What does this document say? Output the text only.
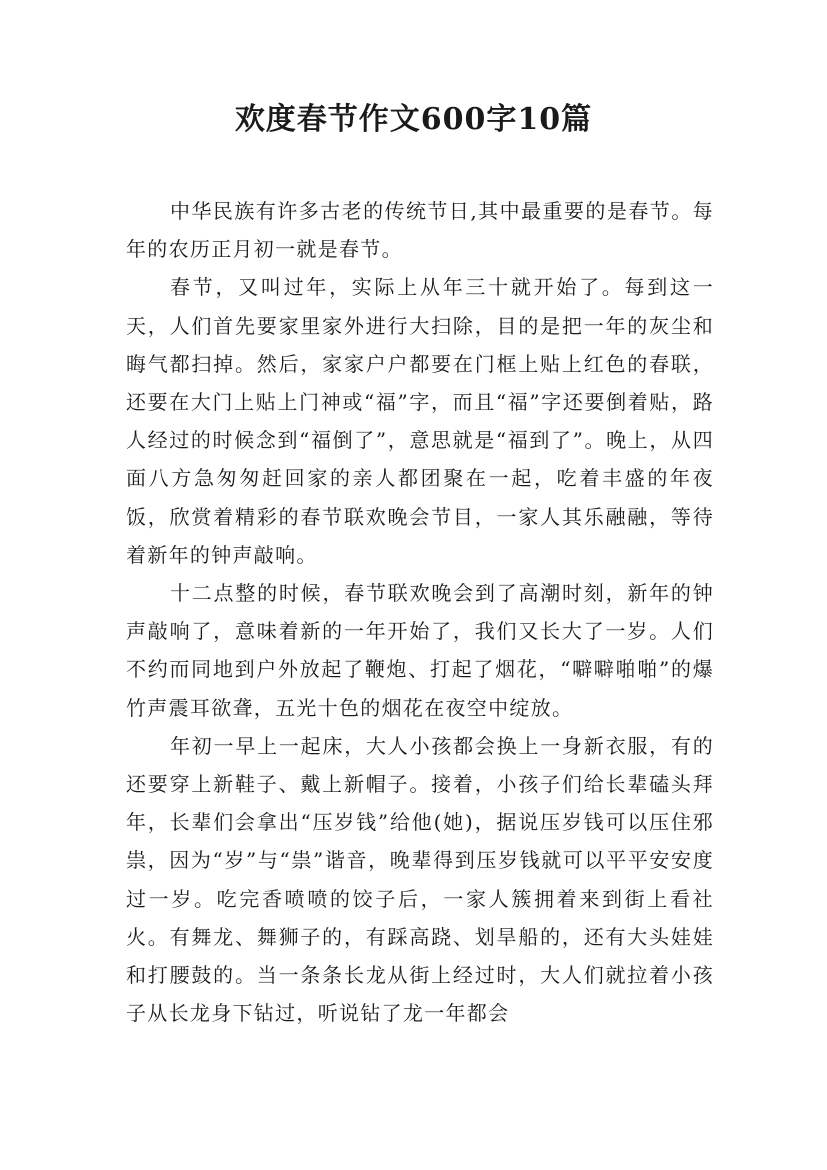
欢度春节作文600字10篇

中华民族有许多古老的传统节日,其中最重要的是春节。每年的农历正月初一就是春节。

春节，又叫过年，实际上从年三十就开始了。每到这一天，人们首先要家里家外进行大扫除，目的是把一年的灰尘和晦气都扫掉。然后，家家户户都要在门框上贴上红色的春联，还要在大门上贴上门神或“福”字，而且“福”字还要倒着贴，路人经过的时候念到“福倒了”，意思就是“福到了”。晚上，从四面八方急匆匆赶回家的亲人都团聚在一起，吃着丰盛的年夜饭，欣赏着精彩的春节联欢晚会节目，一家人其乐融融，等待着新年的钟声敲响。

十二点整的时候，春节联欢晚会到了高潮时刻，新年的钟声敲响了，意味着新的一年开始了，我们又长大了一岁。人们不约而同地到户外放起了鞭炮、打起了烟花，“噼噼啪啪”的爆竹声震耳欲聋，五光十色的烟花在夜空中绽放。

年初一早上一起床，大人小孩都会换上一身新衣服，有的还要穿上新鞋子、戴上新帽子。接着，小孩子们给长辈磕头拜年，长辈们会拿出“压岁钱”给他(她)，据说压岁钱可以压住邪祟，因为“岁”与“祟”谐音，晚辈得到压岁钱就可以平平安安度过一岁。吃完香喷喷的饺子后，一家人簇拥着来到街上看社火。有舞龙、舞狮子的，有踩高跷、划旱船的，还有大头娃娃和打腰鼓的。当一条条长龙从街上经过时，大人们就拉着小孩子从长龙身下钻过，听说钻了龙一年都会
